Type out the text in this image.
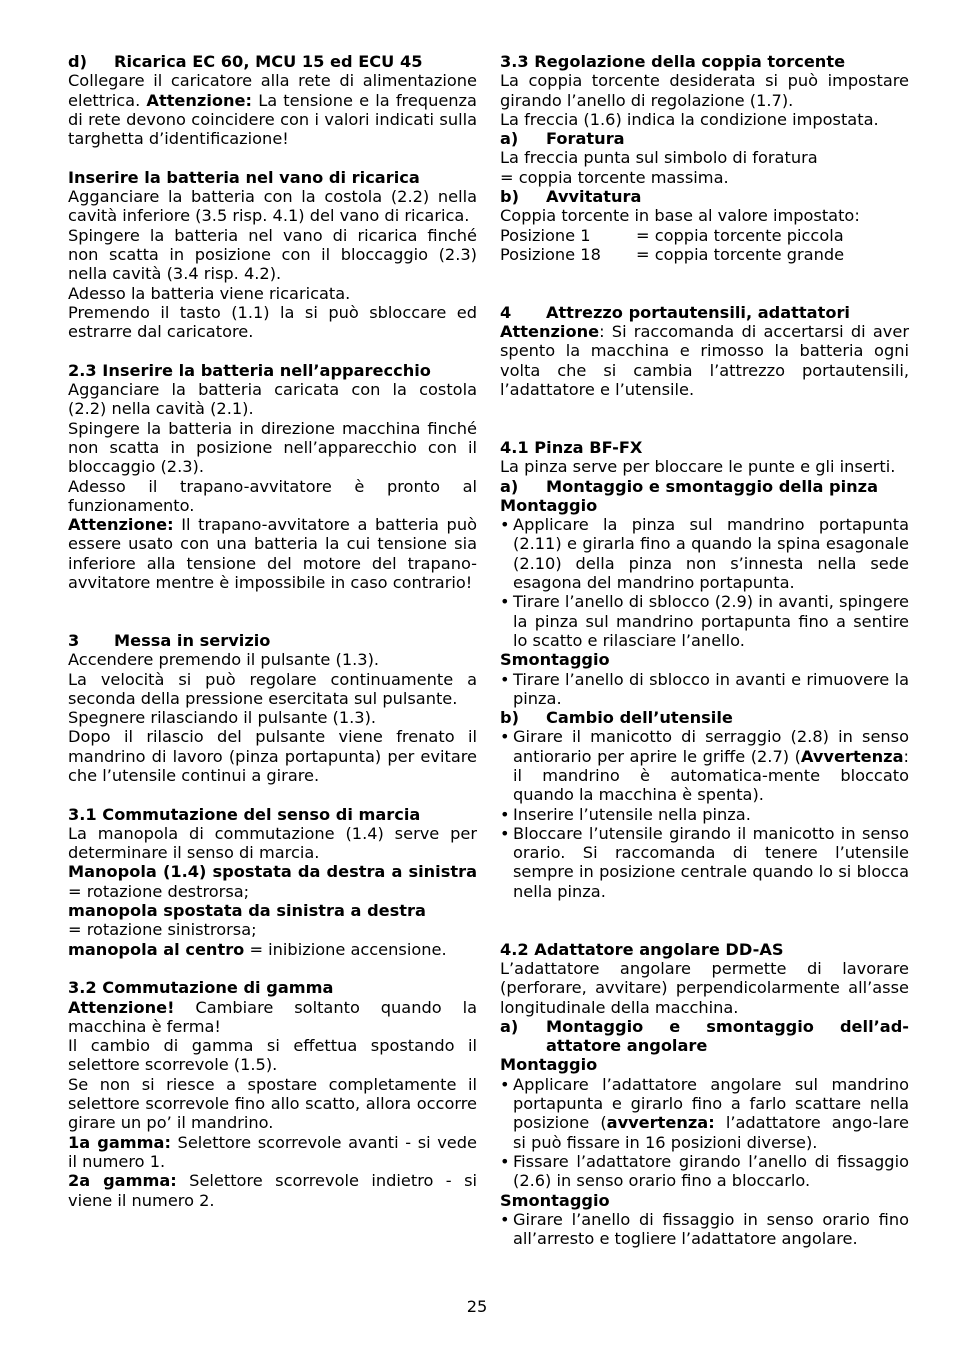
d) Ricarica EC 60, MCU 15 ed ECU 45

Collegare il caricatore alla rete di alimentazione elettrica. Attenzione: La tensione e la frequenza di rete devono coincidere con i valori indicati sulla targhetta d’identificazione!

Inserire la batteria nel vano di ricarica

Agganciare la batteria con la costola (2.2) nella cavità inferiore (3.5 risp. 4.1) del vano di ricarica.

Spingere la batteria nel vano di ricarica finché non scatta in posizione con il bloccaggio (2.3) nella cavità (3.4 risp. 4.2).

Adesso la batteria viene ricaricata.

Premendo il tasto (1.1) la si può sbloccare ed estrarre dal caricatore.

2.3 Inserire la batteria nell’apparecchio

Agganciare la batteria caricata con la costola (2.2) nella cavità (2.1).

Spingere la batteria in direzione macchina finché non scatta in posizione nell’apparecchio con il bloccaggio (2.3).

Adesso il trapano-avvitatore è pronto al funzionamento.

Attenzione: Il trapano-avvitatore a batteria può essere usato con una batteria la cui tensione sia inferiore alla tensione del motore del trapano-avvitatore mentre è impossibile in caso contrario!

3 Messa in servizio

Accendere premendo il pulsante (1.3).

La velocità si può regolare continuamente a seconda della pressione esercitata sul pulsante.

Spegnere rilasciando il pulsante (1.3).

Dopo il rilascio del pulsante viene frenato il mandrino di lavoro (pinza portapunta) per evitare che l’utensile continui a girare.

3.1 Commutazione del senso di marcia

La manopola di commutazione (1.4) serve per determinare il senso di marcia.

Manopola (1.4) spostata da destra a sinistra = rotazione destrorsa;

manopola spostata da sinistra a destra

= rotazione sinistrorsa;

manopola al centro = inibizione accensione.

3.2 Commutazione di gamma

Attenzione! Cambiare soltanto quando la macchina è ferma!

Il cambio di gamma si effettua spostando il selettore scorrevole (1.5).

Se non si riesce a spostare completamente il selettore scorrevole fino allo scatto, allora occorre girare un po’ il mandrino.

1a gamma: Selettore scorrevole avanti - si vede il numero 1.

2a gamma: Selettore scorrevole indietro - si viene il numero 2.

3.3 Regolazione della coppia torcente

La coppia torcente desiderata si può impostare girando l’anello di regolazione (1.7).

La freccia (1.6) indica la condizione impostata.

a) Foratura

La freccia punta sul simbolo di foratura

= coppia torcente massima.

b) Avvitatura

Coppia torcente in base al valore impostato:

Posizione 1	= coppia torcente piccola

Posizione 18 = coppia torcente grande

4 Attrezzo portautensili, adattatori

Attenzione: Si raccomanda di accertarsi di aver spento la macchina e rimosso la batteria ogni volta che si cambia l’attrezzo portautensili, l’adattatore e l’utensile.

4.1 Pinza BF-FX

La pinza serve per bloccare le punte e gli inserti.

a) Montaggio e smontaggio della pinza

Montaggio

• Applicare la pinza sul mandrino portapunta (2.11) e girarla fino a quando la spina esagonale (2.10) della pinza non s’innesta nella sede esagona del mandrino portapunta.
• Tirare l’anello di sblocco (2.9) in avanti, spingere la pinza sul mandrino portapunta fino a sentire lo scatto e rilasciare l’anello.

Smontaggio

• Tirare l’anello di sblocco in avanti e rimuovere la pinza.

b) Cambio dell’utensile

• Girare il manicotto di serraggio (2.8) in senso antiorario per aprire le griffe (2.7) (Avvertenza: il mandrino è automatica-mente bloccato quando la macchina è spenta).
• Inserire l’utensile nella pinza.
• Bloccare l’utensile girando il manicotto in senso orario. Si raccomanda di tenere l’utensile sempre in posizione centrale quando lo si blocca nella pinza.

4.2 Adattatore angolare DD-AS

L’adattatore angolare permette di lavorare (perforare, avvitare) perpendicolarmente all’asse longitudinale della macchina.

a)	Montaggio e smontaggio dell’ad-attatore angolare

Montaggio

• Applicare l’adattatore angolare sul mandrino portapunta e girarlo fino a farlo scattare nella posizione (avvertenza: l’adattatore ango-lare si può fissare in 16 posizioni diverse).
• Fissare l’adattatore girando l’anello di fissaggio (2.6) in senso orario fino a bloccarlo.

Smontaggio

• Girare l’anello di fissaggio in senso orario fino all’arresto e togliere l’adattatore angolare.
25
